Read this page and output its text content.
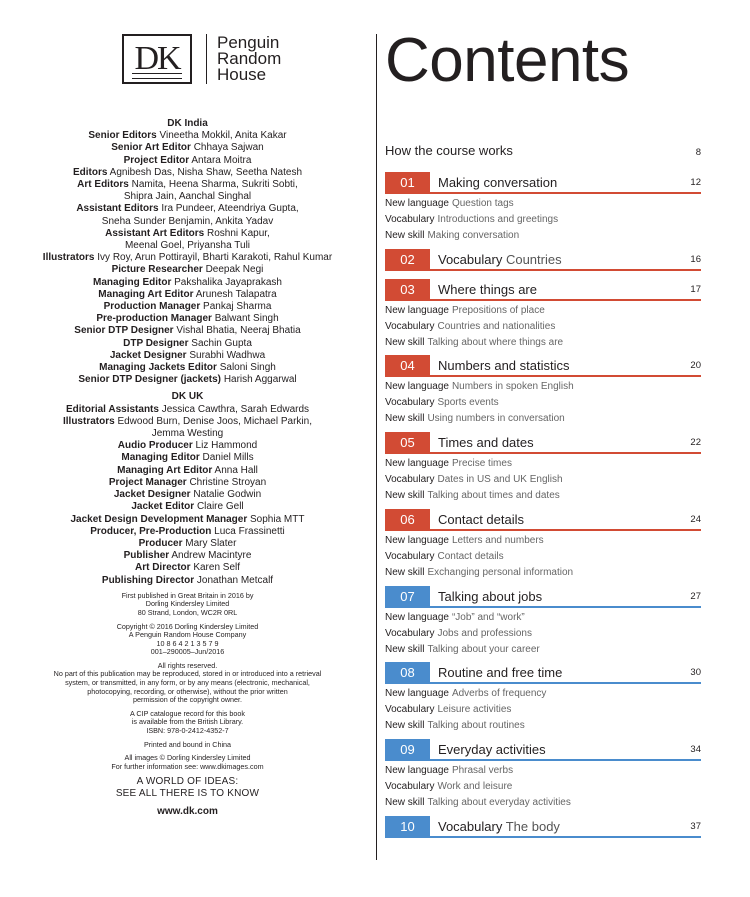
DK Penguin
Random
House
DK India
Senior Editors Vineetha Mokkil, Anita Kakar
Senior Art Editor Chhaya Sajwan
Project Editor Antara Moitra
Editors Agnibesh Das, Nisha Shaw, Seetha Natesh
Art Editors Namita, Heena Sharma, Sukriti Sobti,
Shipra Jain, Aanchal Singhal
Assistant Editors Ira Pundeer, Ateendriya Gupta,
Sneha Sunder Benjamin, Ankita Yadav
Assistant Art Editors Roshni Kapur,
Meenal Goel, Priyansha Tuli
Illustrators Ivy Roy, Arun Pottirayil, Bharti Karakoti, Rahul Kumar
Picture Researcher Deepak Negi
Managing Editor Pakshalika Jayaprakash
Managing Art Editor Arunesh Talapatra
Production Manager Pankaj Sharma
Pre-production Manager Balwant Singh
Senior DTP Designer Vishal Bhatia, Neeraj Bhatia
DTP Designer Sachin Gupta
Jacket Designer Surabhi Wadhwa
Managing Jackets Editor Saloni Singh
Senior DTP Designer (jackets) Harish Aggarwal
DK UK
Editorial Assistants Jessica Cawthra, Sarah Edwards
Illustrators Edwood Burn, Denise Joos, Michael Parkin,
Jemma Westing
Audio Producer Liz Hammond
Managing Editor Daniel Mills
Managing Art Editor Anna Hall
Project Manager Christine Stroyan
Jacket Designer Natalie Godwin
Jacket Editor Claire Gell
Jacket Design Development Manager Sophia MTT
Producer, Pre-Production Luca Frassinetti
Producer Mary Slater
Publisher Andrew Macintyre
Art Director Karen Self
Publishing Director Jonathan Metcalf
First published in Great Britain in 2016 by
Dorling Kindersley Limited
80 Strand, London, WC2R 0RL
Copyright © 2016 Dorling Kindersley Limited
A Penguin Random House Company
10 8 6 4 2 1 3 5 7 9
001–290005–Jun/2016
All rights reserved.
No part of this publication may be reproduced, stored in or introduced into a retrieval
system, or transmitted, in any form, or by any means (electronic, mechanical,
photocopying, recording, or otherwise), without the prior written
permission of the copyright owner.
A CIP catalogue record for this book
is available from the British Library.
ISBN: 978-0-2412-4352-7
Printed and bound in China
All images © Dorling Kindersley Limited
For further information see: www.dkimages.com
A WORLD OF IDEAS:
SEE ALL THERE IS TO KNOW
www.dk.com
Contents
How the course works	8
01	Making conversation	12
New language Question tags
Vocabulary Introductions and greetings
New skill Making conversation
02	Vocabulary Countries	16
03	Where things are	17
New language Prepositions of place
Vocabulary Countries and nationalities
New skill Talking about where things are
04	Numbers and statistics	20
New language Numbers in spoken English
Vocabulary Sports events
New skill Using numbers in conversation
05	Times and dates	22
New language Precise times
Vocabulary Dates in US and UK English
New skill Talking about times and dates
06	Contact details	24
New language Letters and numbers
Vocabulary Contact details
New skill Exchanging personal information
07	Talking about jobs	27
New language “Job” and “work”
Vocabulary Jobs and professions
New skill Talking about your career
08	Routine and free time	30
New language Adverbs of frequency
Vocabulary Leisure activities
New skill Talking about routines
09	Everyday activities	34
New language Phrasal verbs
Vocabulary Work and leisure
New skill Talking about everyday activities
10	Vocabulary The body	37
